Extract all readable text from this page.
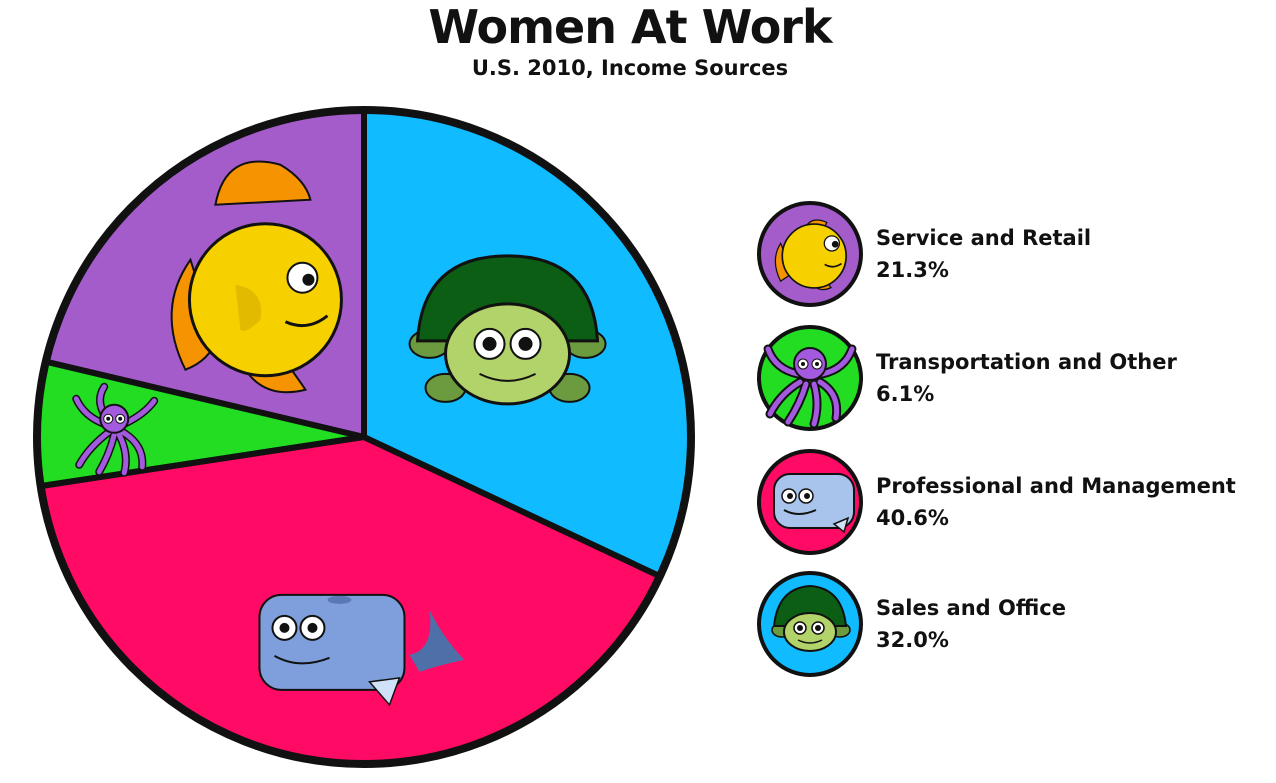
Women At Work
U.S. 2010, Income Sources
Service and Retail
21.3%
Transportation and Other
6.1%
Professional and Management
40.6%
Sales and Office
32.0%
